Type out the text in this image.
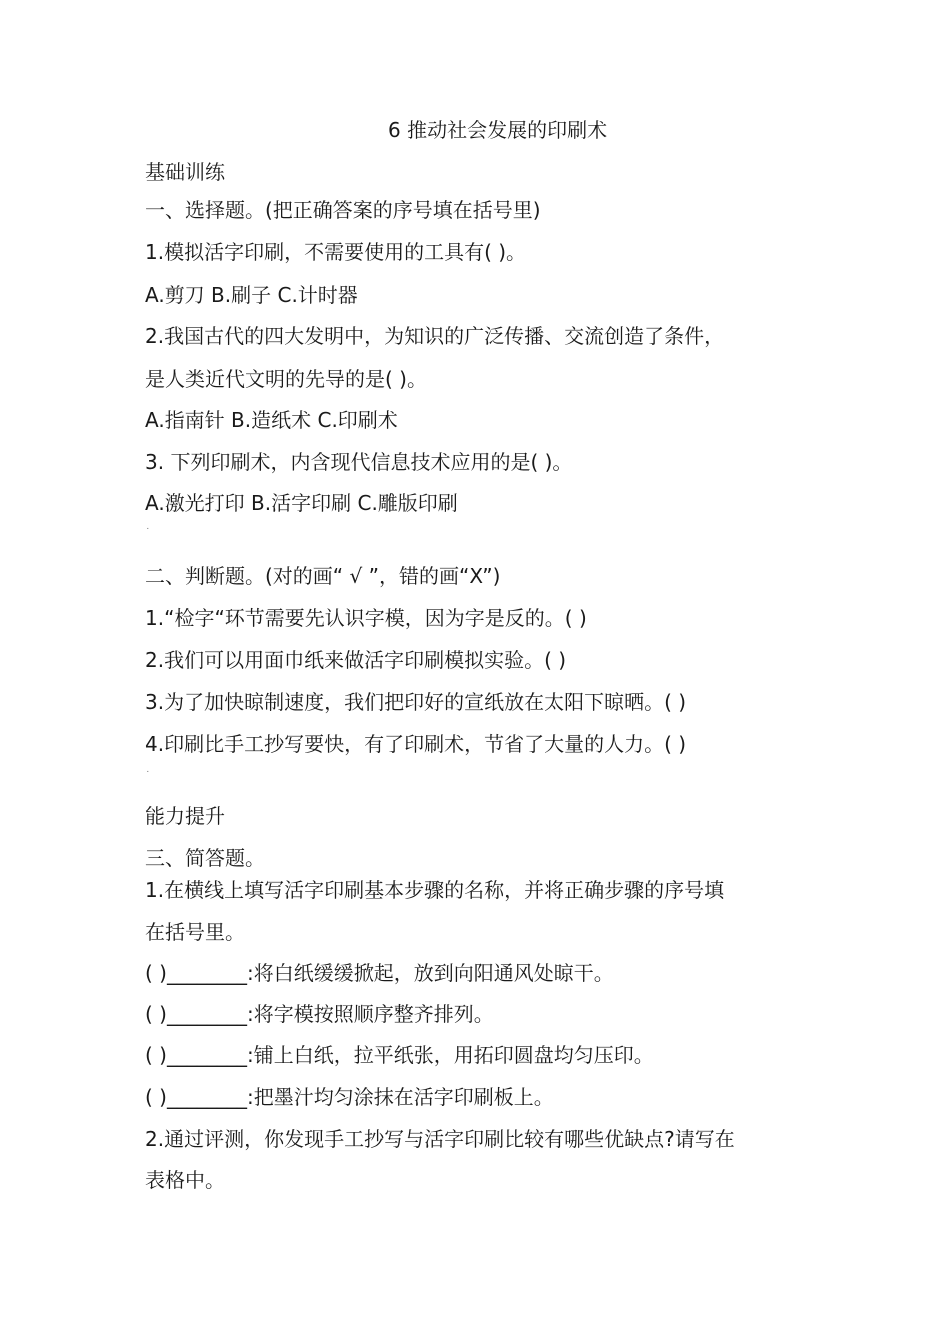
6 推动社会发展的印刷术
基础训练
一、选择题。(把正确答案的序号填在括号里)
1.模拟活字印刷，不需要使用的工具有( )。
A.剪刀 B.刷子 C.计时器
2.我国古代的四大发明中，为知识的广泛传播、交流创造了条件，
是人类近代文明的先导的是( )。
A.指南针 B.造纸术 C.印刷术
3. 下列印刷术，内含现代信息技术应用的是( )。
A.激光打印 B.活字印刷 C.雕版印刷
二、判断题。(对的画“ √ ”，错的画“X”)
1.“检字“环节需要先认识字模，因为字是反的。( )
2.我们可以用面巾纸来做活字印刷模拟实验。( )
3.为了加快晾制速度，我们把印好的宣纸放在太阳下晾晒。( )
4.印刷比手工抄写要快，有了印刷术，节省了大量的人力。( )
能力提升
三、简答题。
1.在横线上填写活字印刷基本步骤的名称，并将正确步骤的序号填
在括号里。
( )________:将白纸缓缓掀起，放到向阳通风处晾干。
( )________:将字模按照顺序整齐排列。
( )________:铺上白纸，拉平纸张，用拓印圆盘均匀压印。
( )________:把墨汁均匀涂抹在活字印刷板上。
2.通过评测，你发现手工抄写与活字印刷比较有哪些优缺点?请写在
表格中。
˙
˙
